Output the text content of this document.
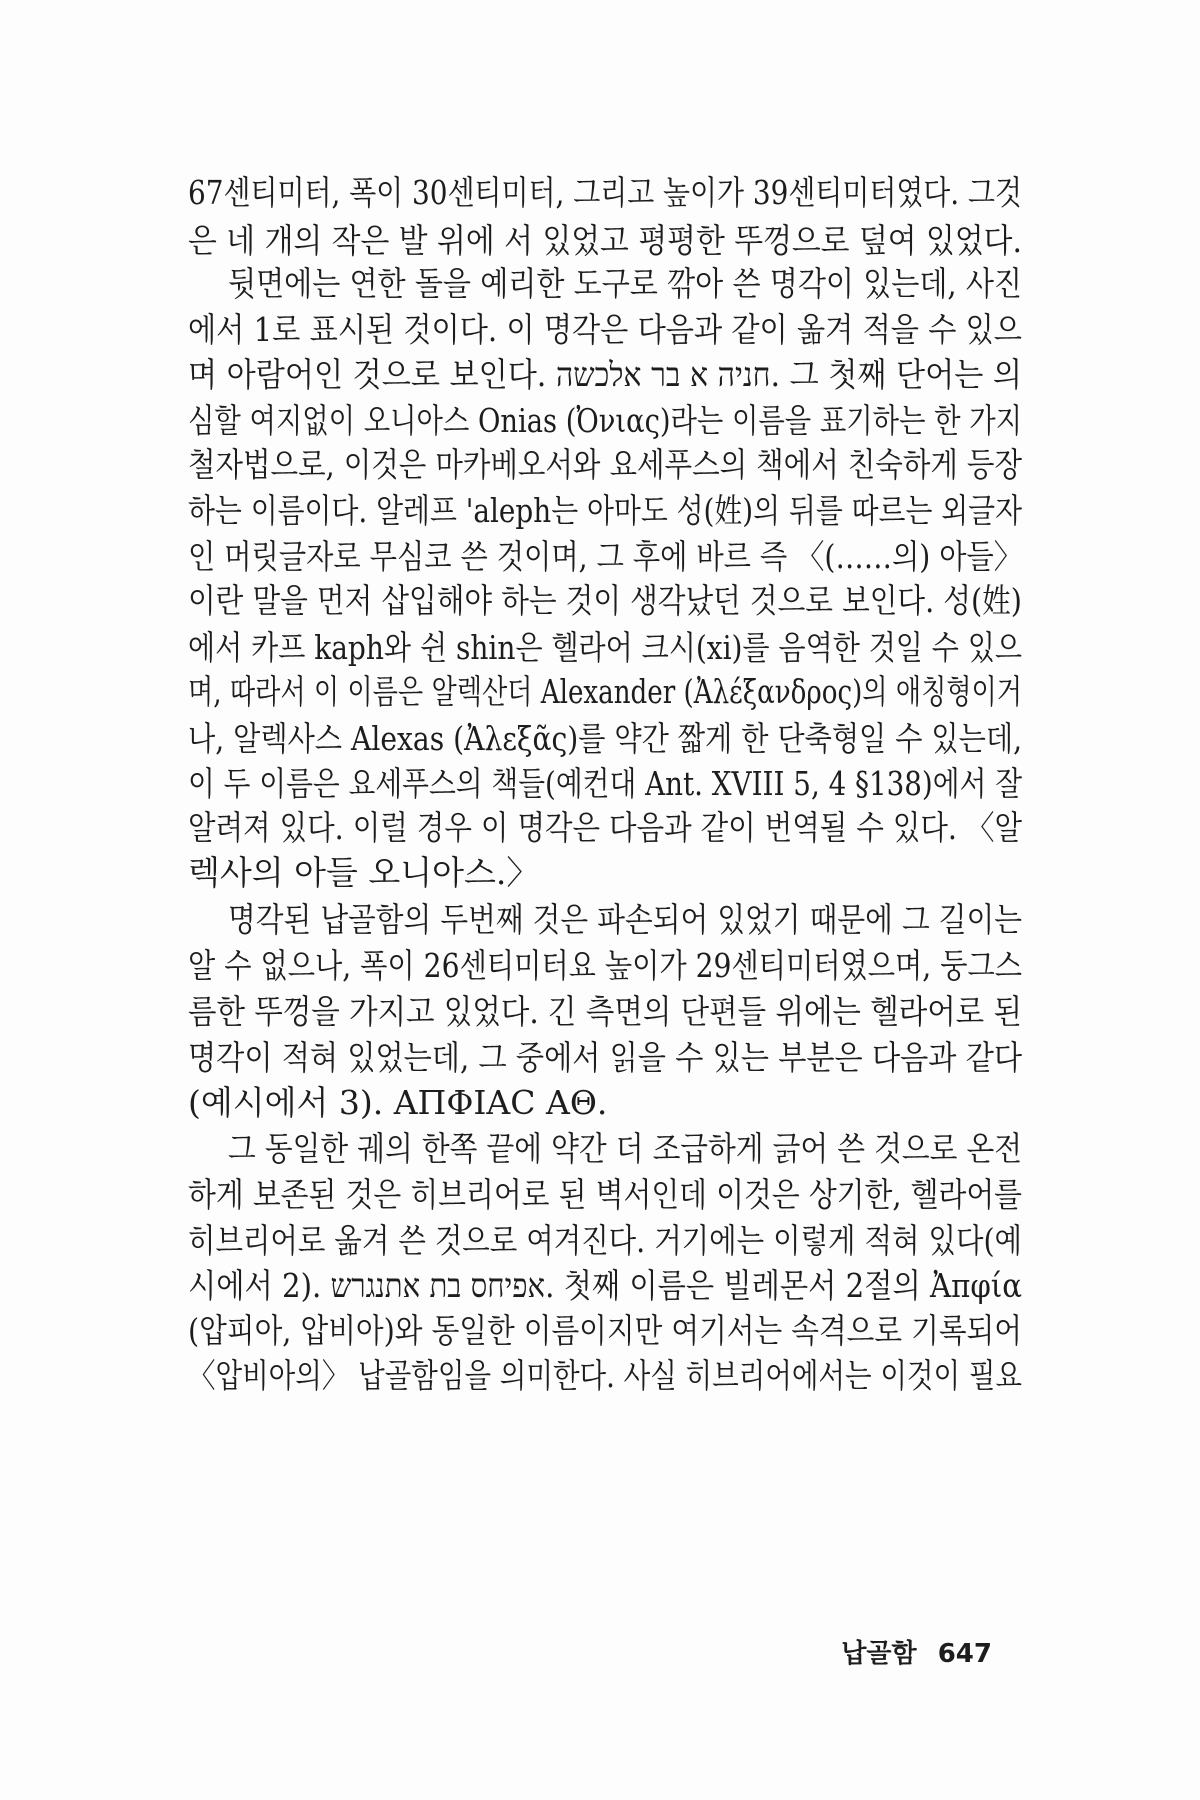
67센티미터, 폭이 30센티미터, 그리고 높이가 39센티미터였다. 그것
은 네 개의 작은 발 위에 서 있었고 평평한 뚜껑으로 덮여 있었다.
뒷면에는 연한 돌을 예리한 도구로 깎아 쓴 명각이 있는데, 사진
에서 1로 표시된 것이다. 이 명각은 다음과 같이 옮겨 적을 수 있으
며 아람어인 것으로 보인다. חניה א בר אלכשה. 그 첫째 단어는 의
심할 여지없이 오니아스 Onias (Ὀνιας)라는 이름을 표기하는 한 가지
철자법으로, 이것은 마카베오서와 요세푸스의 책에서 친숙하게 등장
하는 이름이다. 알레프 'aleph는 아마도 성(姓)의 뒤를 따르는 외글자
인 머릿글자로 무심코 쓴 것이며, 그 후에 바르 즉 〈(……의) 아들〉
이란 말을 먼저 삽입해야 하는 것이 생각났던 것으로 보인다. 성(姓)
에서 카프 kaph와 쉰 shin은 헬라어 크시(xi)를 음역한 것일 수 있으
며, 따라서 이 이름은 알렉산더 Alexander (Ἀλέξανδρος)의 애칭형이거
나, 알렉사스 Alexas (Ἀλεξᾶς)를 약간 짧게 한 단축형일 수 있는데,
이 두 이름은 요세푸스의 책들(예컨대 Ant. XVIII 5, 4 §138)에서 잘
알려져 있다. 이럴 경우 이 명각은 다음과 같이 번역될 수 있다. 〈알
렉사의 아들 오니아스.〉
명각된 납골함의 두번째 것은 파손되어 있었기 때문에 그 길이는
알 수 없으나, 폭이 26센티미터요 높이가 29센티미터였으며, 둥그스
름한 뚜껑을 가지고 있었다. 긴 측면의 단편들 위에는 헬라어로 된
명각이 적혀 있었는데, 그 중에서 읽을 수 있는 부분은 다음과 같다
(예시에서 3). ΑΠΦΙΑC ΑΘ.
그 동일한 궤의 한쪽 끝에 약간 더 조급하게 긁어 쓴 것으로 온전
하게 보존된 것은 히브리어로 된 벽서인데 이것은 상기한, 헬라어를
히브리어로 옮겨 쓴 것으로 여겨진다. 거기에는 이렇게 적혀 있다(예
시에서 2). אפיחס בת אתנגרש. 첫째 이름은 빌레몬서 2절의 Ἀπφία
(압피아, 압비아)와 동일한 이름이지만 여기서는 속격으로 기록되어
〈압비아의〉 납골함임을 의미한다. 사실 히브리어에서는 이것이 필요
납골함 647
